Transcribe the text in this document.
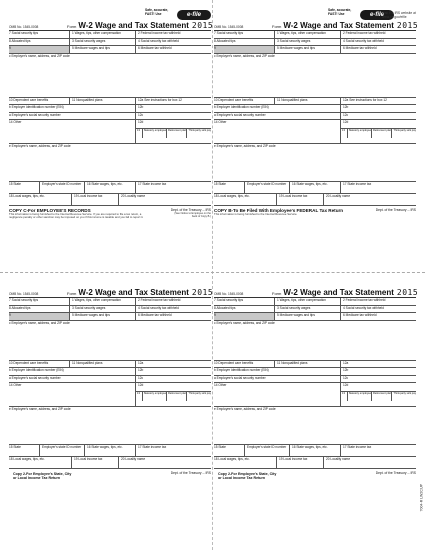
Safe, accurate, FAST! Use	e-file
OMB No. 1545-0008	Form W-2 Wage and Tax Statement 2015
7 Social security tips	1 Wages, tips, other compensation	2 Federal income tax withheld
8 Allocated tips	3 Social security wages	4 Social security tax withheld
9	5 Medicare wages and tips	6 Medicare tax withheld
c Employer's name, address, and ZIP code
10 Dependent care benefits	11 Nonqualified plans	12a See instructions for box 12
b Employer identification number (EIN)	12b
a Employee's social security number	12c
14 Other	12d
13	Statutory employee Retirement plan Third-party sick pay
e Employee's name, address, and ZIP code
15 State	Employer's state ID number	16 State wages, tips, etc.	17 State income tax
18 Local wages, tips, etc.	19 Local income tax	20 Locality name
COPY C-For EMPLOYEE'S RECORDS
This information is being furnished to the Internal Revenue Service. If you are required to file a tax return, a negligence penalty or other sanction may be imposed on you if this income is taxable and you fail to report it.
Dept. of the Treasury -- IRS
(See Notice to Employee on the back of Copy B.)
Safe, accurate, FAST! Use	e-file
Visit the IRS website at www.irs.gov/efile
OMB No. 1545-0008	Form W-2 Wage and Tax Statement 2015
7 Social security tips	1 Wages, tips, other compensation	2 Federal income tax withheld
8 Allocated tips	3 Social security wages	4 Social security tax withheld
9	5 Medicare wages and tips	6 Medicare tax withheld
c Employer's name, address, and ZIP code
10 Dependent care benefits	11 Nonqualified plans	12a See instructions for box 12
b Employer identification number (EIN)	12b
a Employee's social security number	12c
14 Other	12d
13	Statutory employee Retirement plan Third-party sick pay
e Employee's name, address, and ZIP code
15 State	Employer's state ID number	16 State wages, tips, etc.	17 State income tax
18 Local wages, tips, etc.	19 Local income tax	20 Locality name
COPY B-To Be Filed With Employee's FEDERAL Tax Return
This information is being furnished to the Internal Revenue Service.
Dept. of the Treasury -- IRS
OMB No. 1545-0008	Form W-2 Wage and Tax Statement 2015
7 Social security tips	1 Wages, tips, other compensation	2 Federal income tax withheld
8 Allocated tips	3 Social security wages	4 Social security tax withheld
9	5 Medicare wages and tips	6 Medicare tax withheld
c Employer's name, address, and ZIP code
10 Dependent care benefits	11 Nonqualified plans	12a
b Employer identification number (EIN)	12b
a Employee's social security number	12c
14 Other	12d
13	Statutory employee Retirement plan Third-party sick pay
e Employee's name, address, and ZIP code
15 State	Employer's state ID number	16 State wages, tips, etc.	17 State income tax
18 Local wages, tips, etc.	19 Local income tax	20 Locality name
Copy 2-For Employee's State, City or Local Income Tax Return
Dept. of the Treasury -- IRS
OMB No. 1545-0008	Form W-2 Wage and Tax Statement 2015
7 Social security tips	1 Wages, tips, other compensation	2 Federal income tax withheld
8 Allocated tips	3 Social security wages	4 Social security tax withheld
9	5 Medicare wages and tips	6 Medicare tax withheld
c Employer's name, address, and ZIP code
10 Dependent care benefits	11 Nonqualified plans	12a
b Employer identification number (EIN)	12b
a Employee's social security number	12c
14 Other	12d
13	Statutory employee Retirement plan Third-party sick pay
e Employee's name, address, and ZIP code
15 State	Employer's state ID number	16 State wages, tips, etc.	17 State income tax
18 Local wages, tips, etc.	19 Local income tax	20 Locality name
Copy 2-For Employee's State, City or Local Income Tax Return
Dept. of the Treasury -- IRS
7004-R LW2CUP
